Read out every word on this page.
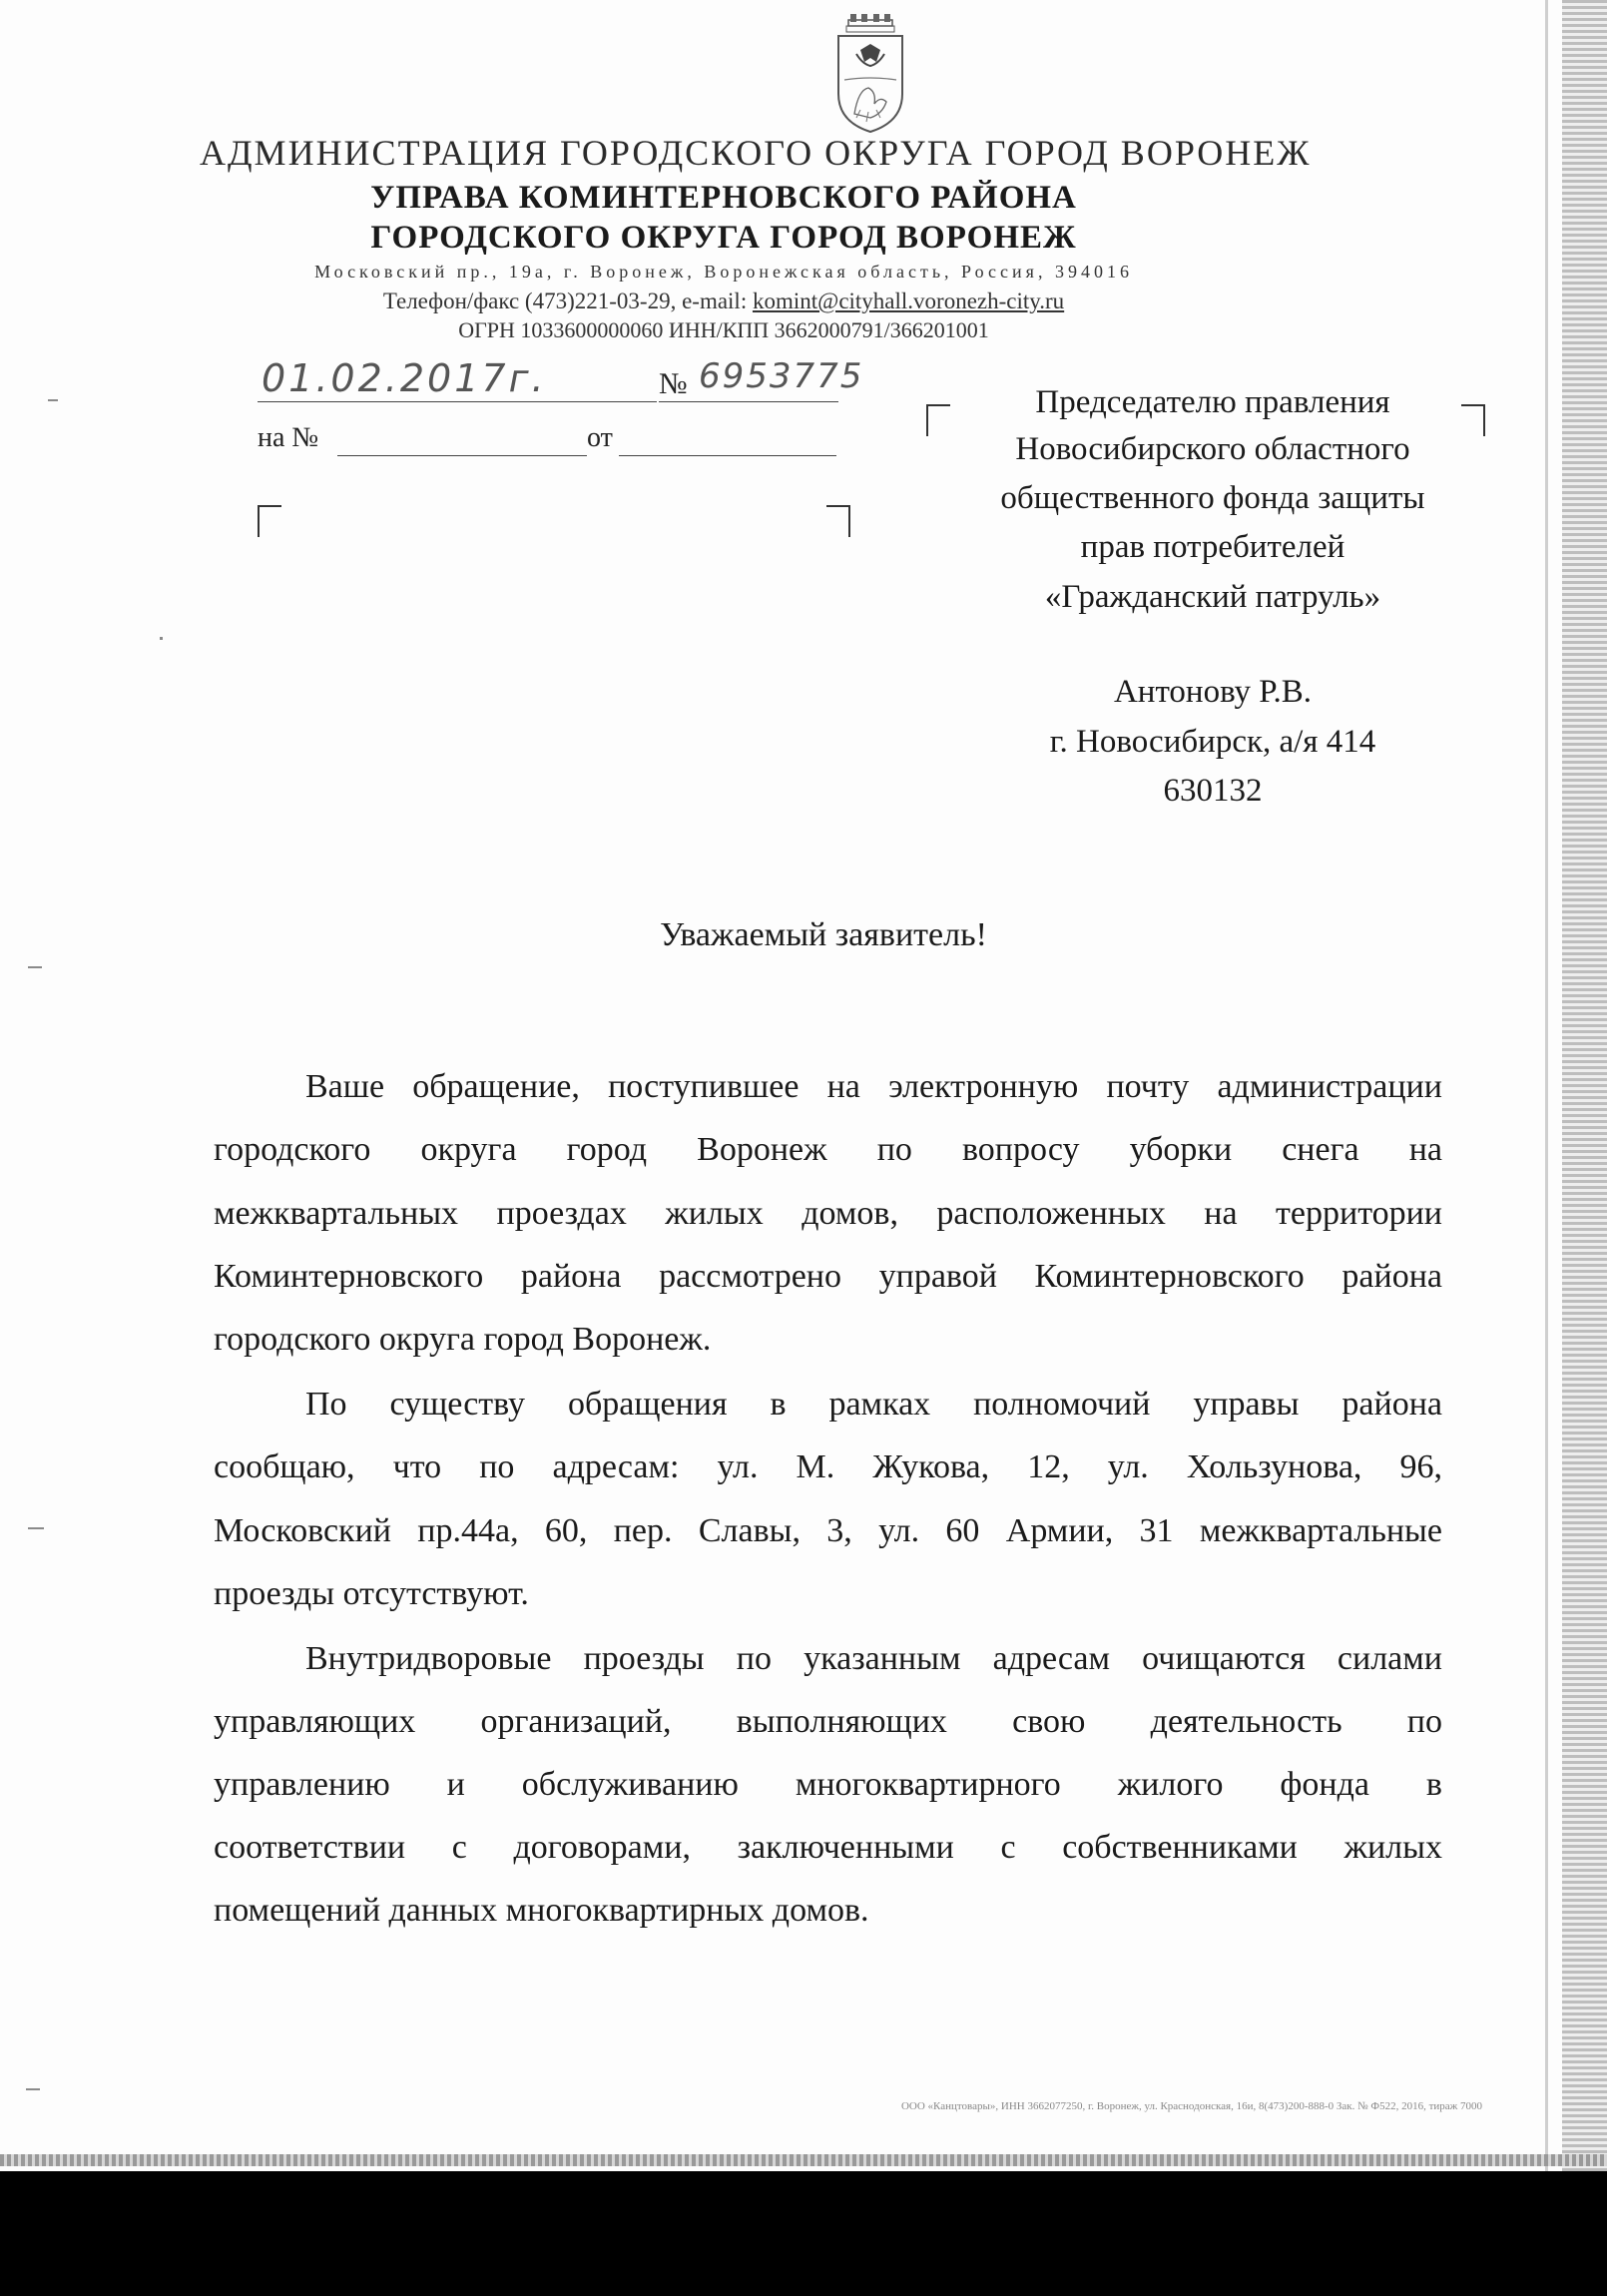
АДМИНИСТРАЦИЯ ГОРОДСКОГО ОКРУГА ГОРОД ВОРОНЕЖ
УПРАВА КОМИНТЕРНОВСКОГО РАЙОНА
ГОРОДСКОГО ОКРУГА ГОРОД ВОРОНЕЖ
Московский пр., 19а, г. Воронеж, Воронежская область, Россия, 394016
Телефон/факс (473)221-03-29, e-mail: komint@cityhall.voronezh-city.ru
ОГРН 1033600000060 ИНН/КПП 3662000791/366201001
01.02.2017г.	№ 6953775
на №	от
Председателю правления
Новосибирского областного
общественного фонда защиты
прав потребителей
«Гражданский патруль»
Антонову Р.В.
г. Новосибирск, а/я 414
630132
Уважаемый заявитель!
Ваше обращение, поступившее на электронную почту администрации
городского округа город Воронеж по вопросу уборки снега на
межквартальных проездах жилых домов, расположенных на территории
Коминтерновского района рассмотрено управой Коминтерновского района
городского округа город Воронеж.
По существу обращения в рамках полномочий управы района
сообщаю, что по адресам: ул. М. Жукова, 12, ул. Хользунова, 96,
Московский пр.44а, 60, пер. Славы, 3, ул. 60 Армии, 31 межквартальные
проезды отсутствуют.
Внутридворовые проезды по указанным адресам очищаются силами
управляющих организаций, выполняющих свою деятельность по
управлению и обслуживанию многоквартирного жилого фонда в
соответствии с договорами, заключенными с собственниками жилых
помещений данных многоквартирных домов.
ООО «Канцтовары», ИНН 3662077250, г. Воронеж, ул. Краснодонская, 16и, 8(473)200-888-0 Зак. № Ф522, 2016, тираж 7000
